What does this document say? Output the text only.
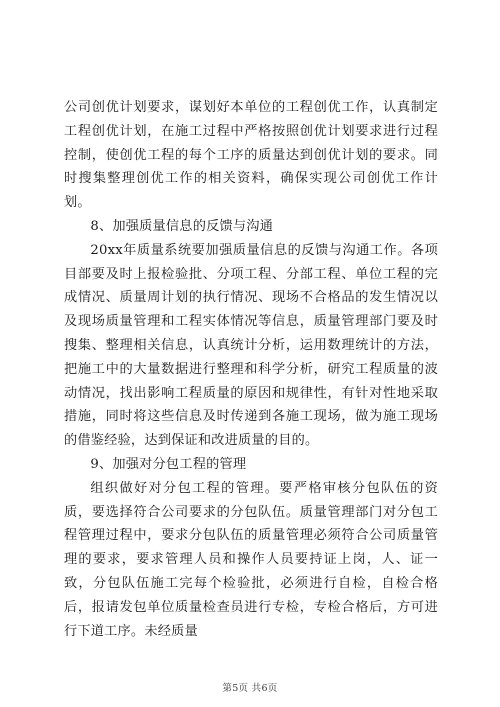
公司创优计划要求，谋划好本单位的工程创优工作，认真制定工程创优计划，在施工过程中严格按照创优计划要求进行过程控制，使创优工程的每个工序的质量达到创优计划的要求。同时搜集整理创优工作的相关资料，确保实现公司创优工作计划。

8、加强质量信息的反馈与沟通

20xx年质量系统要加强质量信息的反馈与沟通工作。各项目部要及时上报检验批、分项工程、分部工程、单位工程的完成情况、质量周计划的执行情况、现场不合格品的发生情况以及现场质量管理和工程实体情况等信息，质量管理部门要及时搜集、整理相关信息，认真统计分析，运用数理统计的方法，把施工中的大量数据进行整理和科学分析，研究工程质量的波动情况，找出影响工程质量的原因和规律性，有针对性地采取措施，同时将这些信息及时传递到各施工现场，做为施工现场的借鉴经验，达到保证和改进质量的目的。

9、加强对分包工程的管理

组织做好对分包工程的管理。要严格审核分包队伍的资质，要选择符合公司要求的分包队伍。质量管理部门对分包工程管理过程中，要求分包队伍的质量管理必须符合公司质量管理的要求，要求管理人员和操作人员要持证上岗，人、证一致，分包队伍施工完每个检验批，必须进行自检，自检合格后，报请发包单位质量检查员进行专检，专检合格后，方可进行下道工序。未经质量

第5页 共6页
